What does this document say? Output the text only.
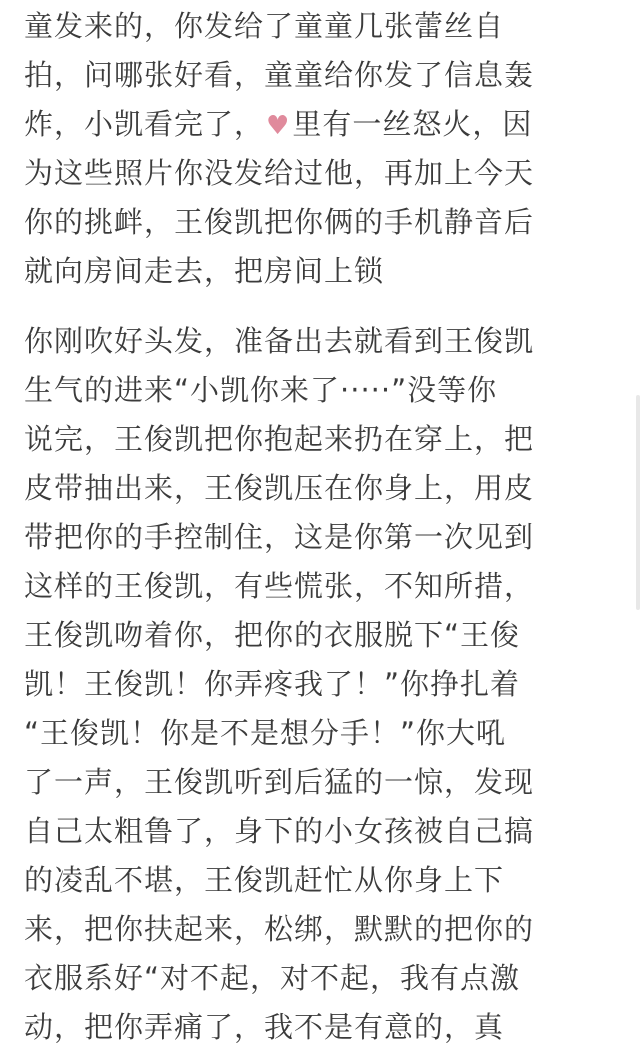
童发来的，你发给了童童几张蕾丝自
拍，问哪张好看，童童给你发了信息轰
炸，小凯看完了，♥里有一丝怒火，因
为这些照片你没发给过他，再加上今天
你的挑衅，王俊凯把你俩的手机静音后
就向房间走去，把房间上锁
你刚吹好头发，准备出去就看到王俊凯
生气的进来“小凯你来了·····”没等你
说完，王俊凯把你抱起来扔在穿上，把
皮带抽出来，王俊凯压在你身上，用皮
带把你的手控制住，这是你第一次见到
这样的王俊凯，有些慌张，不知所措，
王俊凯吻着你，把你的衣服脱下“王俊
凯！王俊凯！你弄疼我了！”你挣扎着
“王俊凯！你是不是想分手！”你大吼
了一声，王俊凯听到后猛的一惊，发现
自己太粗鲁了，身下的小女孩被自己搞
的凌乱不堪，王俊凯赶忙从你身上下
来，把你扶起来，松绑，默默的把你的
衣服系好“对不起，对不起，我有点激
动，把你弄痛了，我不是有意的，真
